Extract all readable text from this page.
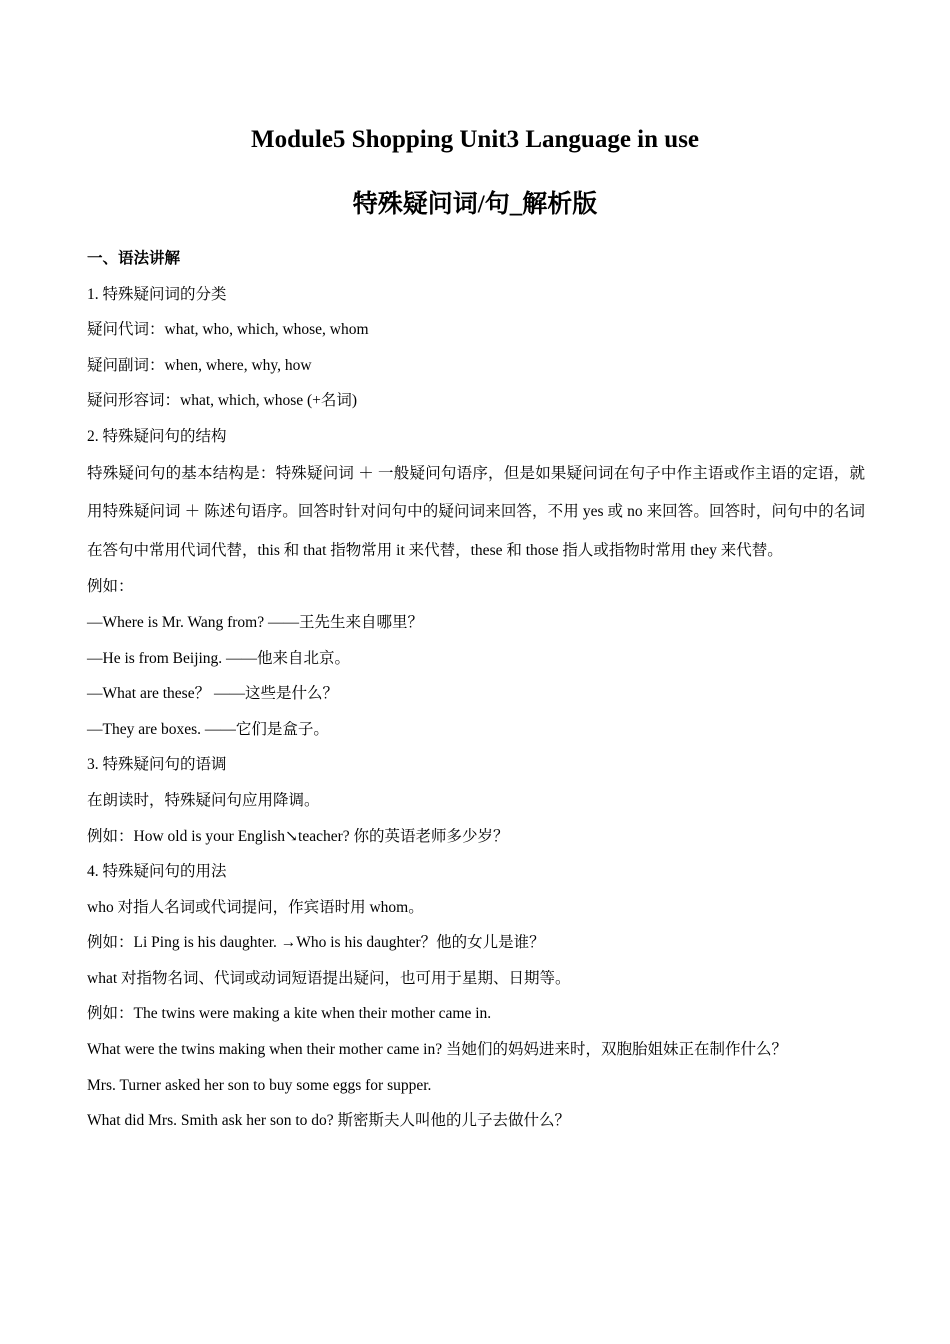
Module5 Shopping Unit3 Language in use
特殊疑问词/句_解析版
一、语法讲解
1. 特殊疑问词的分类
疑问代词：what, who, which, whose, whom
疑问副词：when, where, why, how
疑问形容词：what, which, whose (+名词)
2. 特殊疑问句的结构

特殊疑问句的基本结构是：特殊疑问词 ＋ 一般疑问句语序，但是如果疑问词在句子中作主语或作主语的定语，就用特殊疑问词 ＋ 陈述句语序。回答时针对问句中的疑问词来回答，不用 yes 或 no 来回答。回答时，问句中的名词在答句中常用代词代替，this 和 that 指物常用 it 来代替，these 和 those 指人或指物时常用 they 来代替。

例如：
—Where is Mr. Wang from? ——王先生来自哪里？
—He is from Beijing. ——他来自北京。
—What are these？ ——这些是什么？
—They are boxes. ——它们是盒子。
3. 特殊疑问句的语调
在朗读时，特殊疑问句应用降调。
例如：How old is your English↘teacher? 你的英语老师多少岁？
4. 特殊疑问句的用法
who 对指人名词或代词提问，作宾语时用 whom。
例如：Li Ping is his daughter. →Who is his daughter？他的女儿是谁？
what 对指物名词、代词或动词短语提出疑问，也可用于星期、日期等。
例如：The twins were making a kite when their mother came in.
What were the twins making when their mother came in? 当她们的妈妈进来时，双胞胎姐妹正在制作什么？
Mrs. Turner asked her son to buy some eggs for supper.
What did Mrs. Smith ask her son to do? 斯密斯夫人叫他的儿子去做什么？
